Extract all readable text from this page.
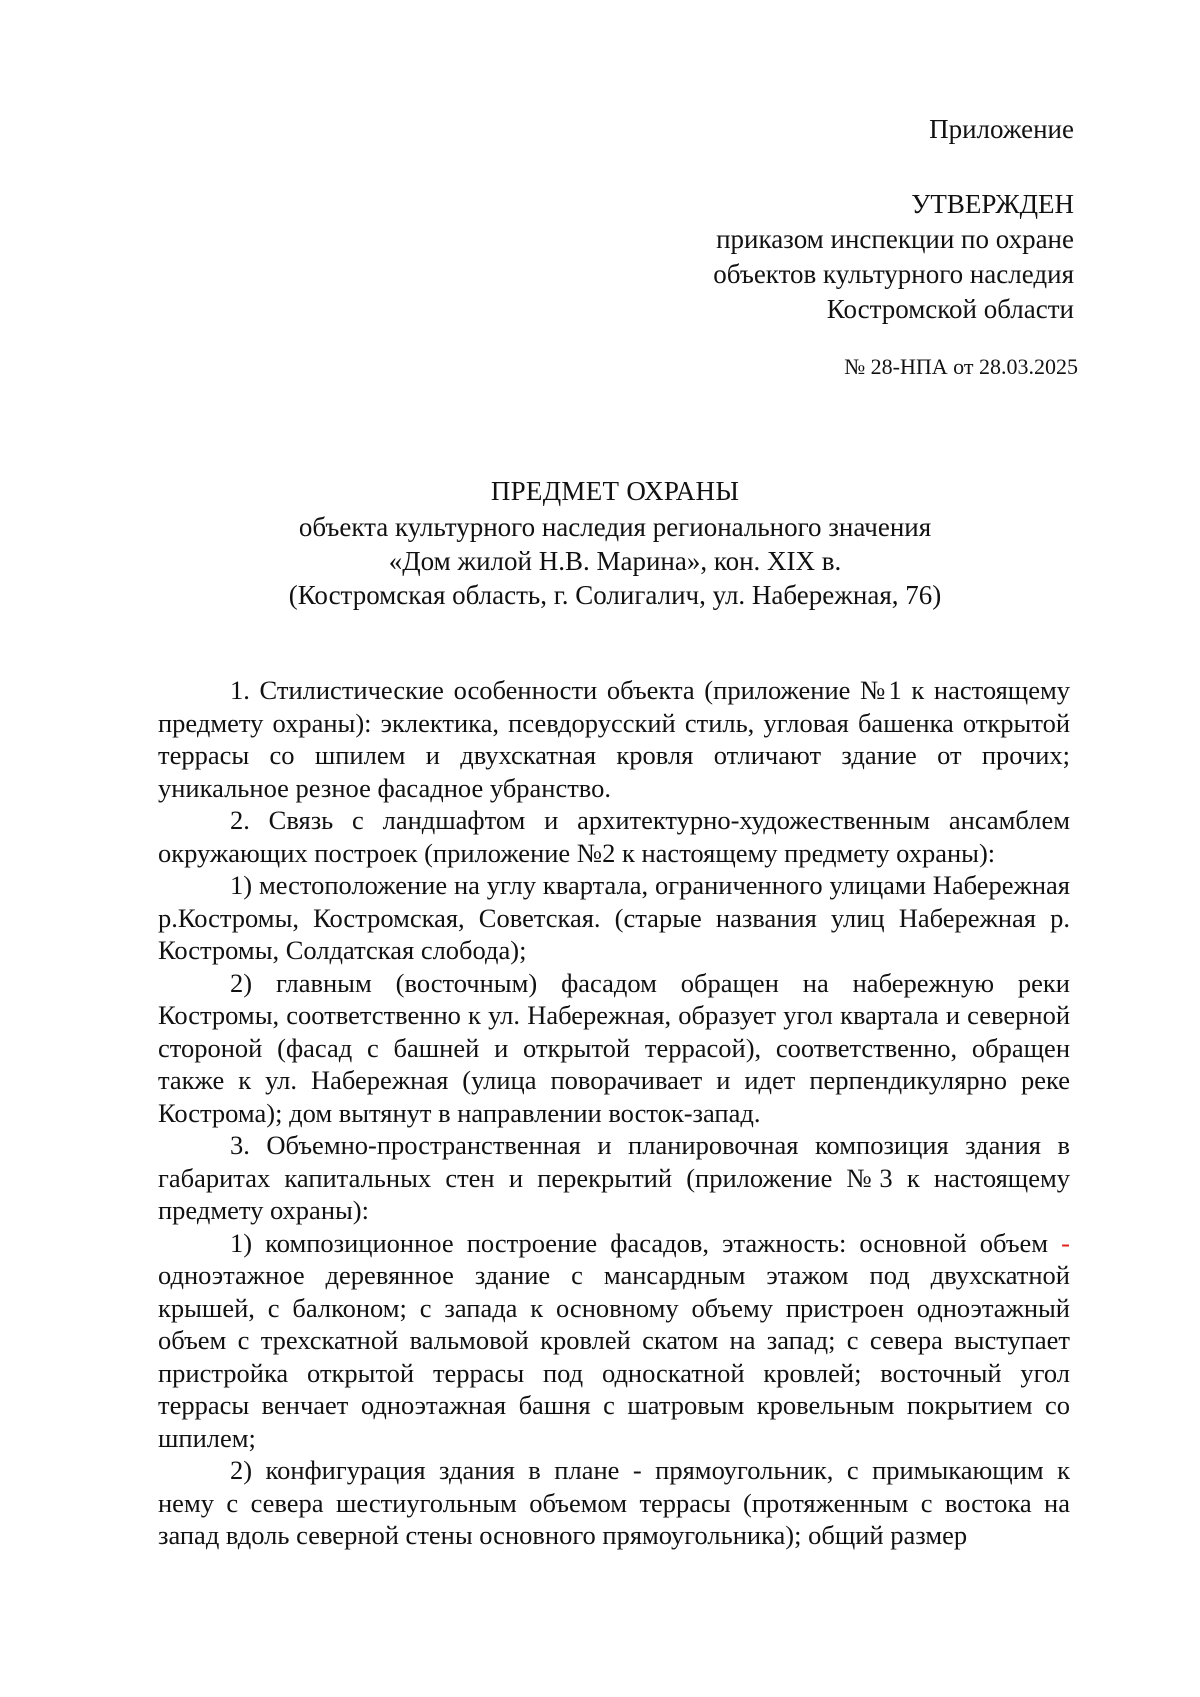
Приложение
УТВЕРЖДЕН
приказом инспекции по охране
объектов культурного наследия
Костромской области
№ 28-НПА от 28.03.2025
ПРЕДМЕТ ОХРАНЫ
объекта культурного наследия регионального значения
«Дом жилой Н.В. Марина», кон. XIX в.
(Костромская область, г. Солигалич, ул. Набережная, 76)

1. Стилистические особенности объекта (приложение №1 к настоящему предмету охраны): эклектика, псевдорусский стиль, угловая башенка открытой террасы со шпилем и двухскатная кровля отличают здание от прочих; уникальное резное фасадное убранство.

2. Связь с ландшафтом и архитектурно-художественным ансамблем окружающих построек (приложение №2 к настоящему предмету охраны):

1) местоположение на углу квартала, ограниченного улицами Набережная р.Костромы, Костромская, Советская. (старые названия улиц Набережная р. Костромы, Солдатская слобода);

2) главным (восточным) фасадом обращен на набережную реки Костромы, соответственно к ул. Набережная, образует угол квартала и северной стороной (фасад с башней и открытой террасой), соответственно, обращен также к ул. Набережная (улица поворачивает и идет перпендикулярно реке Кострома); дом вытянут в направлении восток-запад.

3. Объемно-пространственная и планировочная композиция здания в габаритах капитальных стен и перекрытий (приложение №3 к настоящему предмету охраны):

1) композиционное построение фасадов, этажность: основной объем - одноэтажное деревянное здание с мансардным этажом под двухскатной крышей, с балконом; с запада к основному объему пристроен одноэтажный объем с трехскатной вальмовой кровлей скатом на запад; с севера выступает пристройка открытой террасы под односкатной кровлей; восточный угол террасы венчает одноэтажная башня с шатровым кровельным покрытием со шпилем;

2) конфигурация здания в плане - прямоугольник, с примыкающим к нему с севера шестиугольным объемом террасы (протяженным с востока на запад вдоль северной стены основного прямоугольника); общий размер
